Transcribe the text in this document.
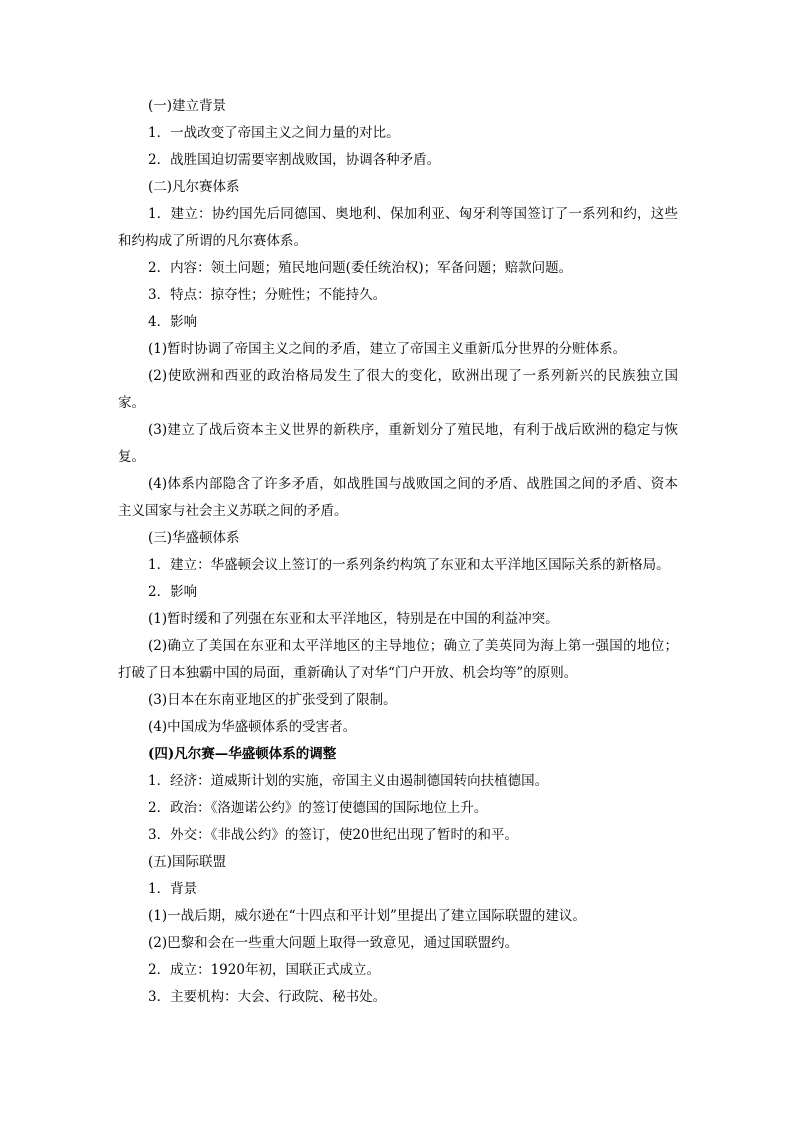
(一)建立背景
1．一战改变了帝国主义之间力量的对比。
2．战胜国迫切需要宰割战败国，协调各种矛盾。
(二)凡尔赛体系
1．建立：协约国先后同德国、奥地利、保加利亚、匈牙利等国签订了一系列和约，这些和约构成了所谓的凡尔赛体系。
2．内容：领土问题；殖民地问题(委任统治权)；军备问题；赔款问题。
3．特点：掠夺性；分赃性；不能持久。
4．影响
(1)暂时协调了帝国主义之间的矛盾，建立了帝国主义重新瓜分世界的分赃体系。
(2)使欧洲和西亚的政治格局发生了很大的变化，欧洲出现了一系列新兴的民族独立国家。
(3)建立了战后资本主义世界的新秩序，重新划分了殖民地，有利于战后欧洲的稳定与恢复。
(4)体系内部隐含了许多矛盾，如战胜国与战败国之间的矛盾、战胜国之间的矛盾、资本主义国家与社会主义苏联之间的矛盾。
(三)华盛顿体系
1．建立：华盛顿会议上签订的一系列条约构筑了东亚和太平洋地区国际关系的新格局。
2．影响
(1)暂时缓和了列强在东亚和太平洋地区，特别是在中国的利益冲突。
(2)确立了美国在东亚和太平洋地区的主导地位；确立了美英同为海上第一强国的地位；打破了日本独霸中国的局面，重新确认了对华“门户开放、机会均等”的原则。
(3)日本在东南亚地区的扩张受到了限制。
(4)中国成为华盛顿体系的受害者。
(四)凡尔赛—华盛顿体系的调整
1．经济：道威斯计划的实施，帝国主义由遏制德国转向扶植德国。
2．政治：《洛迦诺公约》的签订使德国的国际地位上升。
3．外交：《非战公约》的签订，使20世纪出现了暂时的和平。
(五)国际联盟
1．背景
(1)一战后期，威尔逊在“十四点和平计划”里提出了建立国际联盟的建议。
(2)巴黎和会在一些重大问题上取得一致意见，通过国联盟约。
2．成立：1920年初，国联正式成立。
3．主要机构：大会、行政院、秘书处。
